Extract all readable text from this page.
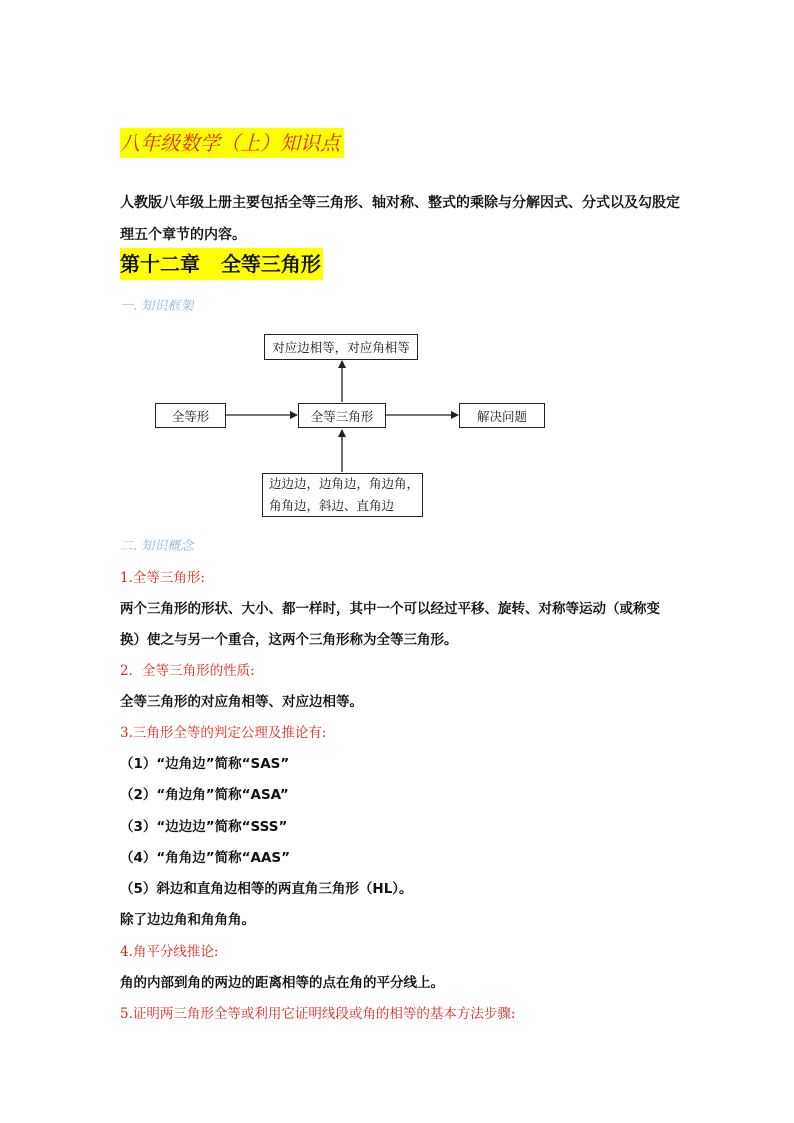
八年级数学（上）知识点
人教版八年级上册主要包括全等三角形、轴对称、整式的乘除与分解因式、分式以及勾股定
理五个章节的内容。
第十二章   全等三角形
一. 知识框架
对应边相等，对应角相等
全等形	全等三角形	解决问题
边边边，边角边，角边角，
角角边，斜边、直角边
二. 知识概念
1.全等三角形:
两个三角形的形状、大小、都一样时，其中一个可以经过平移、旋转、对称等运动（或称变
换）使之与另一个重合，这两个三角形称为全等三角形。
2．全等三角形的性质:
全等三角形的对应角相等、对应边相等。
3.三角形全等的判定公理及推论有:
（1）“边角边”简称“SAS”
（2）“角边角”简称“ASA”
（3）“边边边”简称“SSS”
（4）“角角边”简称“AAS”
（5）斜边和直角边相等的两直角三角形（HL）。
除了边边角和角角角。
4.角平分线推论:
角的内部到角的两边的距离相等的点在角的平分线上。
5.证明两三角形全等或利用它证明线段或角的相等的基本方法步骤:
